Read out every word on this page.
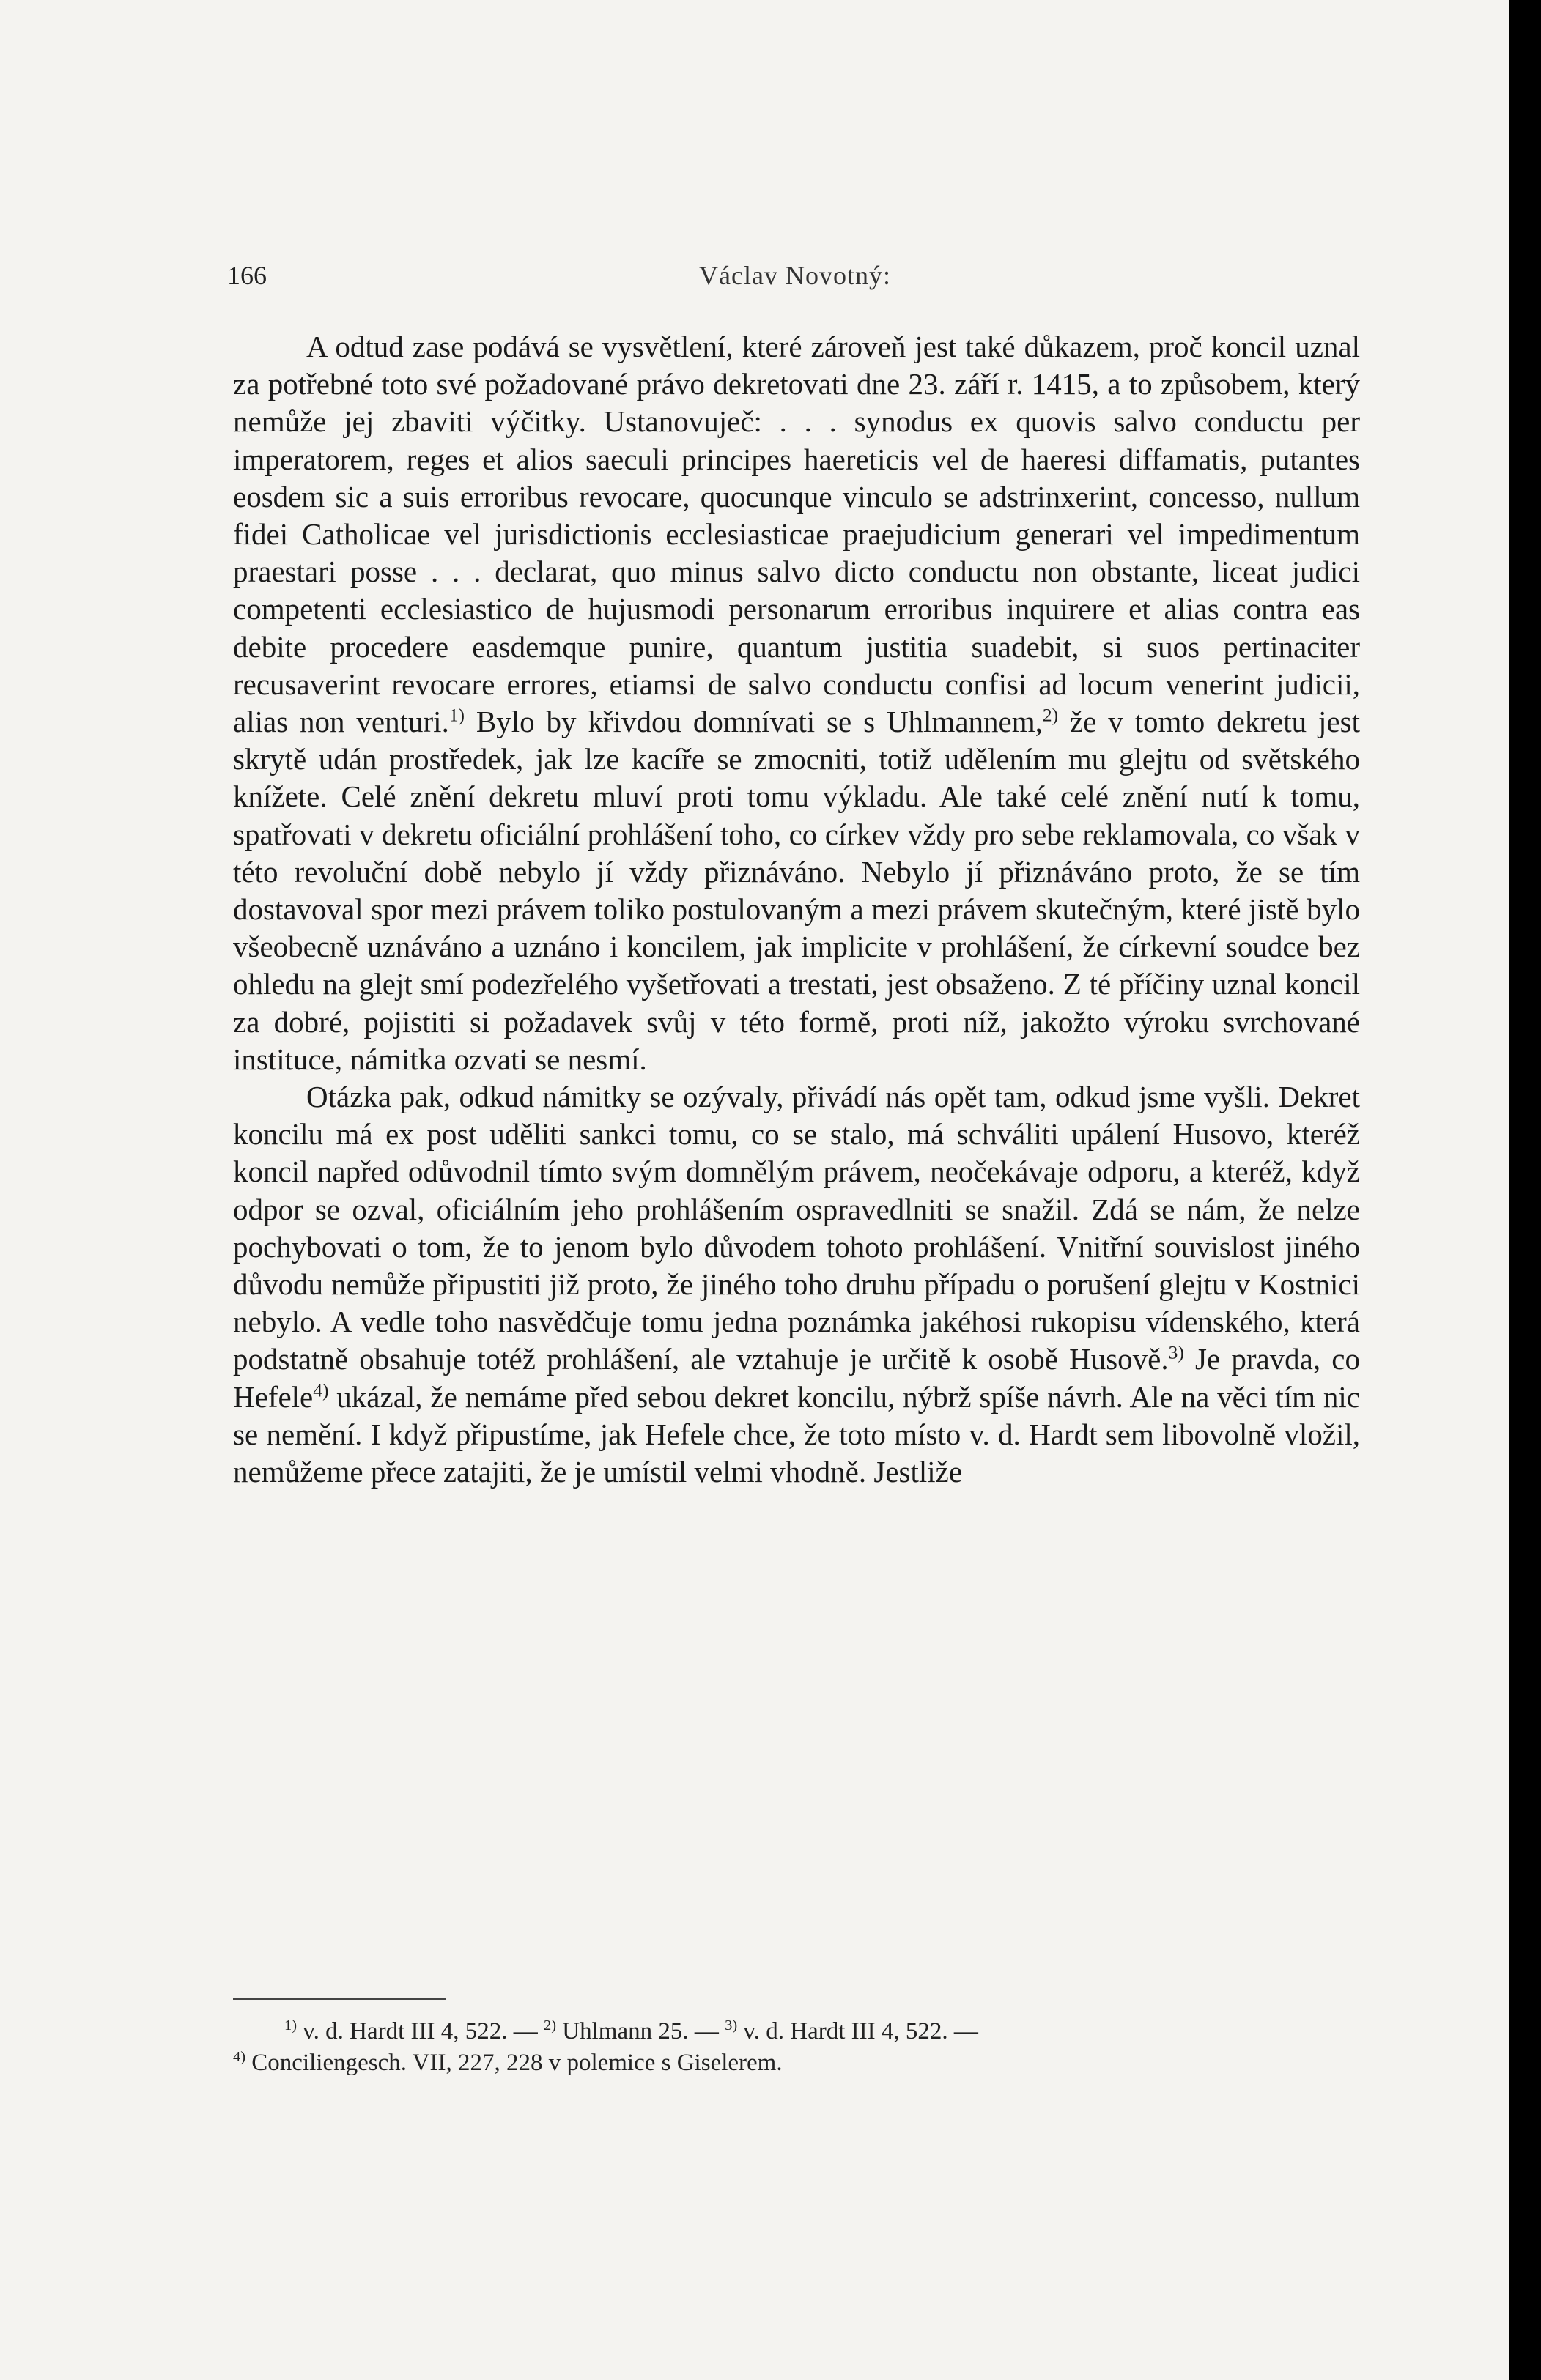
166	Václav Novotný:

A odtud zase podává se vysvětlení, které zároveň jest také důkazem, proč koncil uznal za potřebné toto své požadované právo dekretovati dne 23. září r. 1415, a to způsobem, který nemůže jej zbaviti výčitky. Ustanovuječ: . . . synodus ex quovis salvo conductu per imperatorem, reges et alios saeculi principes haereticis vel de haeresi diffamatis, putantes eosdem sic a suis erroribus revocare, quocunque vinculo se adstrinxerint, concesso, nullum fidei Catholicae vel jurisdictionis ecclesiasticae praejudicium generari vel impedimentum praestari posse . . . declarat, quo minus salvo dicto conductu non obstante, liceat judici competenti ecclesiastico de hujusmodi personarum erroribus inquirere et alias contra eas debite procedere easdemque punire, quantum justitia suadebit, si suos pertinaciter recusaverint revocare errores, etiamsi de salvo conductu confisi ad locum venerint judicii, alias non venturi.$^{1)}$ Bylo by křivdou domnívati se s Uhlmannem,$^{2)}$ že v tomto dekretu jest skrytě udán prostředek, jak lze kacíře se zmocniti, totiž udělením mu glejtu od světského knížete. Celé znění dekretu mluví proti tomu výkladu. Ale také celé znění nutí k tomu, spatřovati v dekretu oficiální prohlášení toho, co církev vždy pro sebe reklamovala, co však v této revoluční době nebylo jí vždy přiznáváno. Nebylo jí přiznáváno proto, že se tím dostavoval spor mezi právem toliko postulovaným a mezi právem skutečným, které jistě bylo všeobecně uznáváno a uznáno i koncilem, jak implicite v prohlášení, že církevní soudce bez ohledu na glejt smí podezřelého vyšetřovati a trestati, jest obsaženo. Z té příčiny uznal koncil za dobré, pojistiti si požadavek svůj v této formě, proti níž, jakožto výroku svrchované instituce, námitka ozvati se nesmí.

Otázka pak, odkud námitky se ozývaly, přivádí nás opět tam, odkud jsme vyšli. Dekret koncilu má ex post uděliti sankci tomu, co se stalo, má schváliti upálení Husovo, kteréž koncil napřed odůvodnil tímto svým domnělým právem, neočekávaje odporu, a kteréž, když odpor se ozval, oficiálním jeho prohlášením ospravedlniti se snažil. Zdá se nám, že nelze pochybovati o tom, že to jenom bylo důvodem tohoto prohlášení. Vnitřní souvislost jiného důvodu nemůže připustiti již proto, že jiného toho druhu případu o porušení glejtu v Kostnici nebylo. A vedle toho nasvědčuje tomu jedna poznámka jakéhosi rukopisu vídenského, která podstatně obsahuje totéž prohlášení, ale vztahuje je určitě k osobě Husově.$^{3)}$ Je pravda, co Hefele$^{4)}$ ukázal, že nemáme před sebou dekret koncilu, nýbrž spíše návrh. Ale na věci tím nic se nemění. I když připustíme, jak Hefele chce, že toto místo v. d. Hardt sem libovolně vložil, nemůžeme přece zatajiti, že je umístil velmi vhodně. Jestliže

$^{1)}$ v. d. Hardt III 4, 522. — $^{2)}$ Uhlmann 25. — $^{3)}$ v. d. Hardt III 4, 522. —

$^{4)}$ Conciliengesch. VII, 227, 228 v polemice s Giselerem.
